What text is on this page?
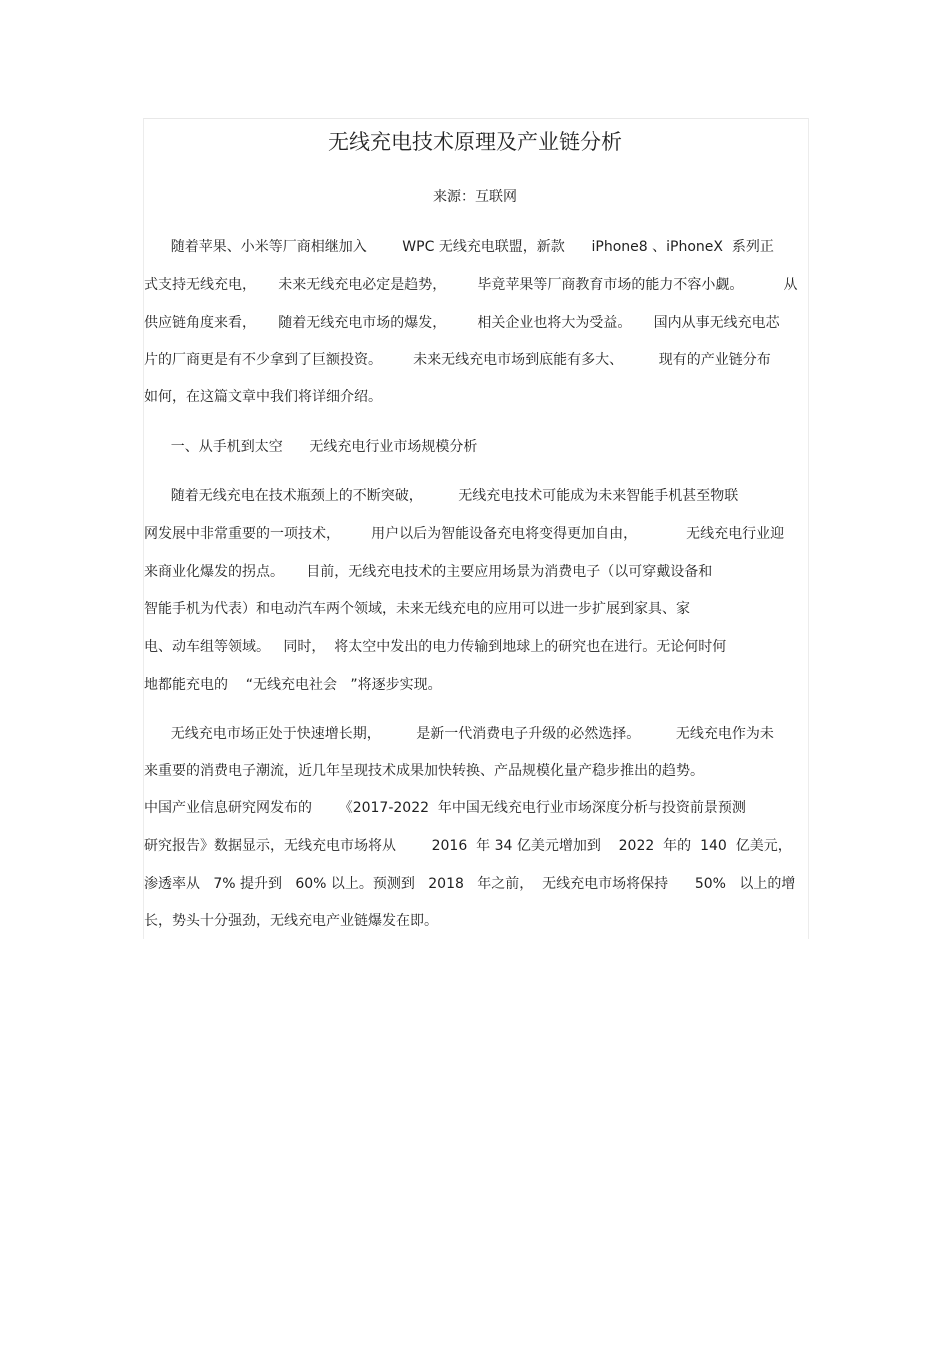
无线充电技术原理及产业链分析
来源：互联网
随着苹果、小米等厂商相继加入        WPC 无线充电联盟，新款      iPhone8 、iPhoneX  系列正
式支持无线充电，     未来无线充电必定是趋势，       毕竟苹果等厂商教育市场的能力不容小觑。         从
供应链角度来看，     随着无线充电市场的爆发，       相关企业也将大为受益。     国内从事无线充电芯
片的厂商更是有不少拿到了巨额投资。       未来无线充电市场到底能有多大、        现有的产业链分布
如何，在这篇文章中我们将详细介绍。
一、从手机到太空      无线充电行业市场规模分析
随着无线充电在技术瓶颈上的不断突破，        无线充电技术可能成为未来智能手机甚至物联
网发展中非常重要的一项技术，       用户以后为智能设备充电将变得更加自由，           无线充电行业迎
来商业化爆发的拐点。     目前，无线充电技术的主要应用场景为消费电子（以可穿戴设备和
智能手机为代表）和电动汽车两个领域，未来无线充电的应用可以进一步扩展到家具、家
电、动车组等领域。   同时，  将太空中发出的电力传输到地球上的研究也在进行。无论何时何
地都能充电的    “无线充电社会   ”将逐步实现。
无线充电市场正处于快速增长期，        是新一代消费电子升级的必然选择。        无线充电作为未
来重要的消费电子潮流，近几年呈现技术成果加快转换、产品规模化量产稳步推出的趋势。
中国产业信息研究网发布的      《2017-2022  年中国无线充电行业市场深度分析与投资前景预测
研究报告》数据显示，无线充电市场将从        2016  年 34 亿美元增加到    2022  年的  140  亿美元，
渗透率从   7% 提升到   60% 以上。预测到   2018   年之前，  无线充电市场将保持      50%   以上的增
长，势头十分强劲，无线充电产业链爆发在即。
